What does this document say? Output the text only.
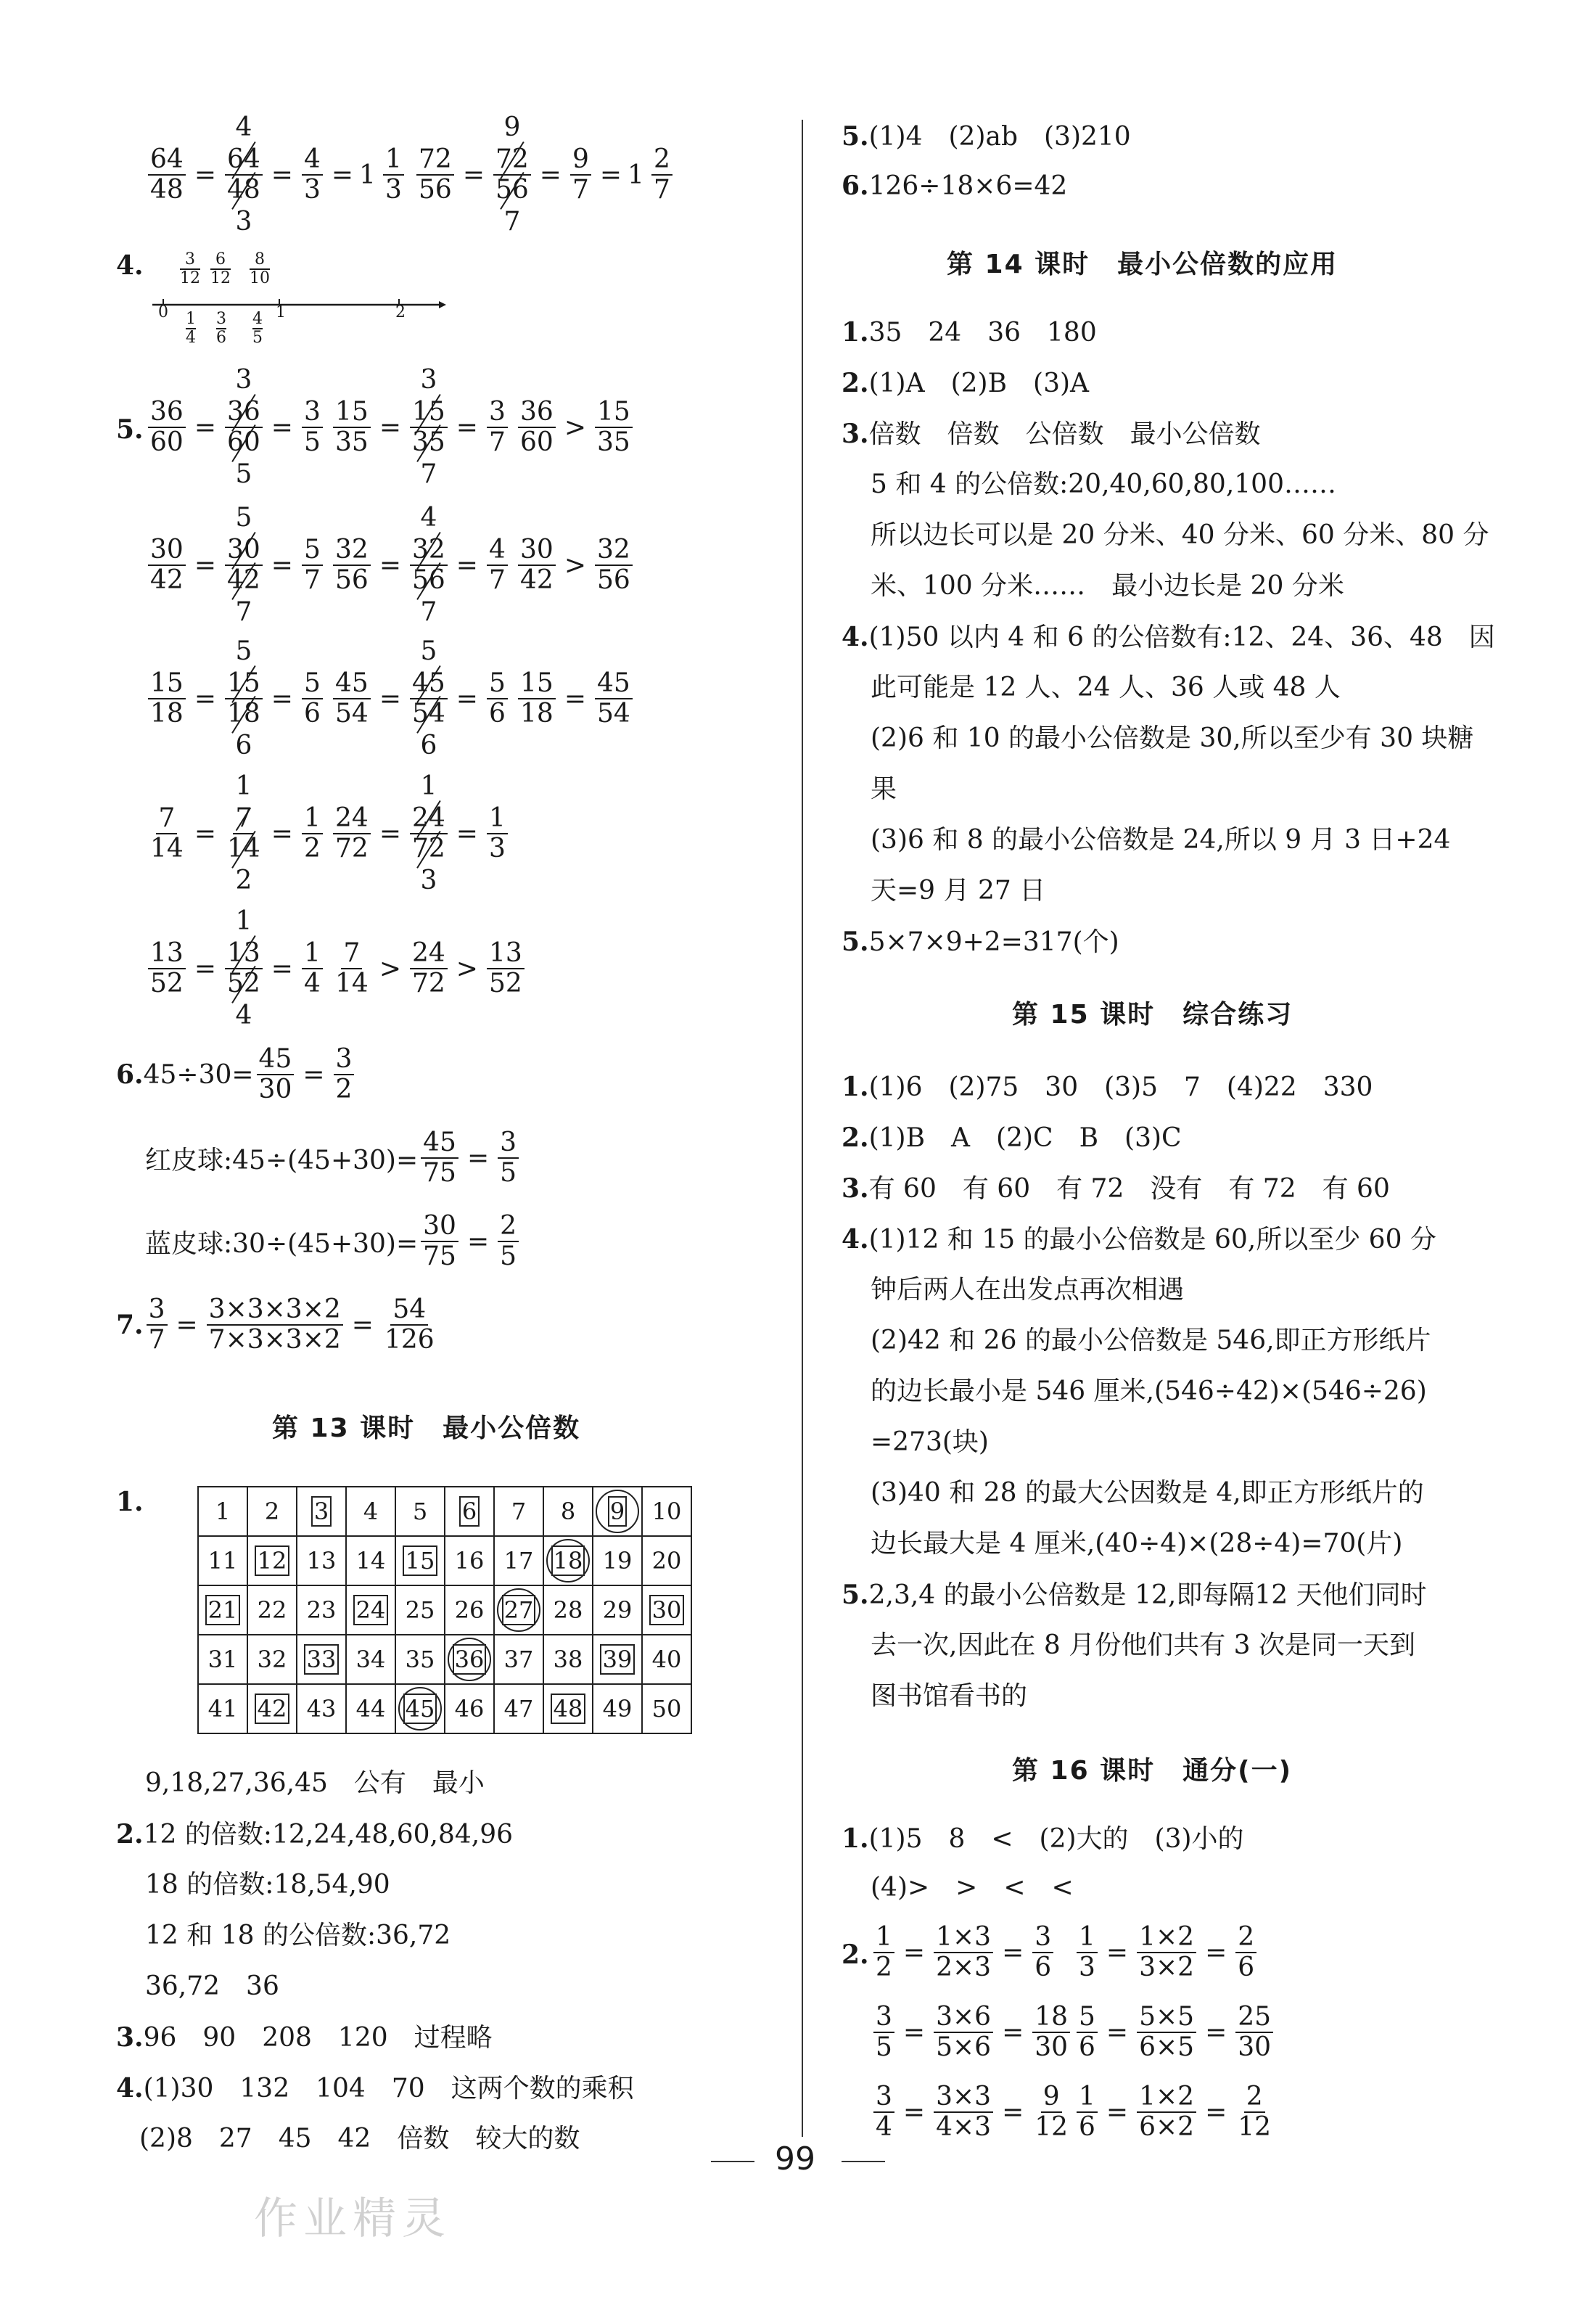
$\frac{64}{48}$ =
4
64
48
3
= $\frac{4}{3} = 1 \frac{1}{3} \frac{72}{56}$ =
9
72
56
7
= $\frac{9}{7} = 1 \frac{2}{7}$
4.
0	1	2
3
12
6
12
8
10
1
4
3
6
4
5
5. $\frac{36}{60}$ =
3
36
60
5
= $\frac{3}{5} \frac{15}{35}$ =
3
15
35
7
= $\frac{3}{7} \frac{36}{60} > \frac{15}{35}$
$\frac{30}{42}$ =
5
30
42
7
= $\frac{5}{7} \frac{32}{56}$ =
4
32
56
7
= $\frac{4}{7} \frac{30}{42} > \frac{32}{56}$
$\frac{15}{18}$ =
5
15
18
6
= $\frac{5}{6} \frac{45}{54}$ =
5
45
54
6
= $\frac{5}{6} \frac{15}{18} = \frac{45}{54}$
$\frac{7}{14}$ =
1
7
14
2
= $\frac{1}{2} \frac{24}{72}$ =
1
24
72
3
= $\frac{1}{3}$
$\frac{13}{52}$ =
1
13
52
4
= $\frac{1}{4} \frac{7}{14} > \frac{24}{72} > \frac{13}{52}$
6. $45\div 30= \frac{45}{30} = \frac{3}{2}$
红皮球:45÷(45+30)= $\frac{45}{75} = \frac{3}{5}$
蓝皮球:30÷(45+30)= $\frac{30}{75} = \frac{2}{5}$
7. $\frac{3}{7} = \frac{3\times 3\times 3\times 2}{7\times 3\times 3\times 2} = \frac{54}{126}$
第 13 课时　最小公倍数
1.	1	2	3	4	5	6	7	8	9	10
11	12	13	14	15	16	17	18	19	20
21	22	23	24	25	26	27	28	29	30
31	32	33	34	35	36	37	38	39	40
41	42	43	44	45	46	47	48	49	50
9,18,27,36,45　公有　最小
2.12 的倍数:12,24,48,60,84,96
18 的倍数:18,54,90
12 和 18 的公倍数:36,72
36,72　36
3.96　90　208　120　过程略
4.(1)30　132　104　70　这两个数的乘积
(2)8　27　45　42　倍数　较大的数
5.(1)4　(2)ab　(3)210
6.126÷18×6=42
第 14 课时　最小公倍数的应用
1.35　24　36　180
2.(1)A　(2)B　(3)A
3.倍数　倍数　公倍数　最小公倍数
5 和 4 的公倍数:20,40,60,80,100……
所以边长可以是 20 分米、40 分米、60 分米、80 分
米、100 分米……　最小边长是 20 分米
4.(1)50 以内 4 和 6 的公倍数有:12、24、36、48　因
此可能是 12 人、24 人、36 人或 48 人
(2)6 和 10 的最小公倍数是 30,所以至少有 30 块糖
果
(3)6 和 8 的最小公倍数是 24,所以 9 月 3 日+24
天=9 月 27 日
5.5×7×9+2=317(个)
第 15 课时　综合练习
1.(1)6　(2)75　30　(3)5　7　(4)22　330
2.(1)B　A　(2)C　B　(3)C
3.有 60　有 60　有 72　没有　有 72　有 60
4.(1)12 和 15 的最小公倍数是 60,所以至少 60 分
钟后两人在出发点再次相遇
(2)42 和 26 的最小公倍数是 546,即正方形纸片
的边长最小是 546 厘米,(546÷42)×(546÷26)
=273(块)
(3)40 和 28 的最大公因数是 4,即正方形纸片的
边长最大是 4 厘米,(40÷4)×(28÷4)=70(片)
5.2,3,4 的最小公倍数是 12,即每隔12 天他们同时
去一次,因此在 8 月份他们共有 3 次是同一天到
图书馆看书的
第 16 课时　通分(一)
1.(1)5　8　<　(2)大的　(3)小的
(4)>　>　<　<
2. $\frac{1}{2} = \frac{1\times 3}{2\times 3} = \frac{3}{6} \frac{1}{3} = \frac{1\times 2}{3\times 2} = \frac{2}{6}$
$\frac{3}{5} = \frac{3\times 6}{5\times 6} = \frac{18}{30} \frac{5}{6} = \frac{5\times 5}{6\times 5} = \frac{25}{30}$
$\frac{3}{4} = \frac{3\times 3}{4\times 3} = \frac{9}{12} \frac{1}{6} = \frac{1\times 2}{6\times 2} = \frac{2}{12}$
99
作业精灵
